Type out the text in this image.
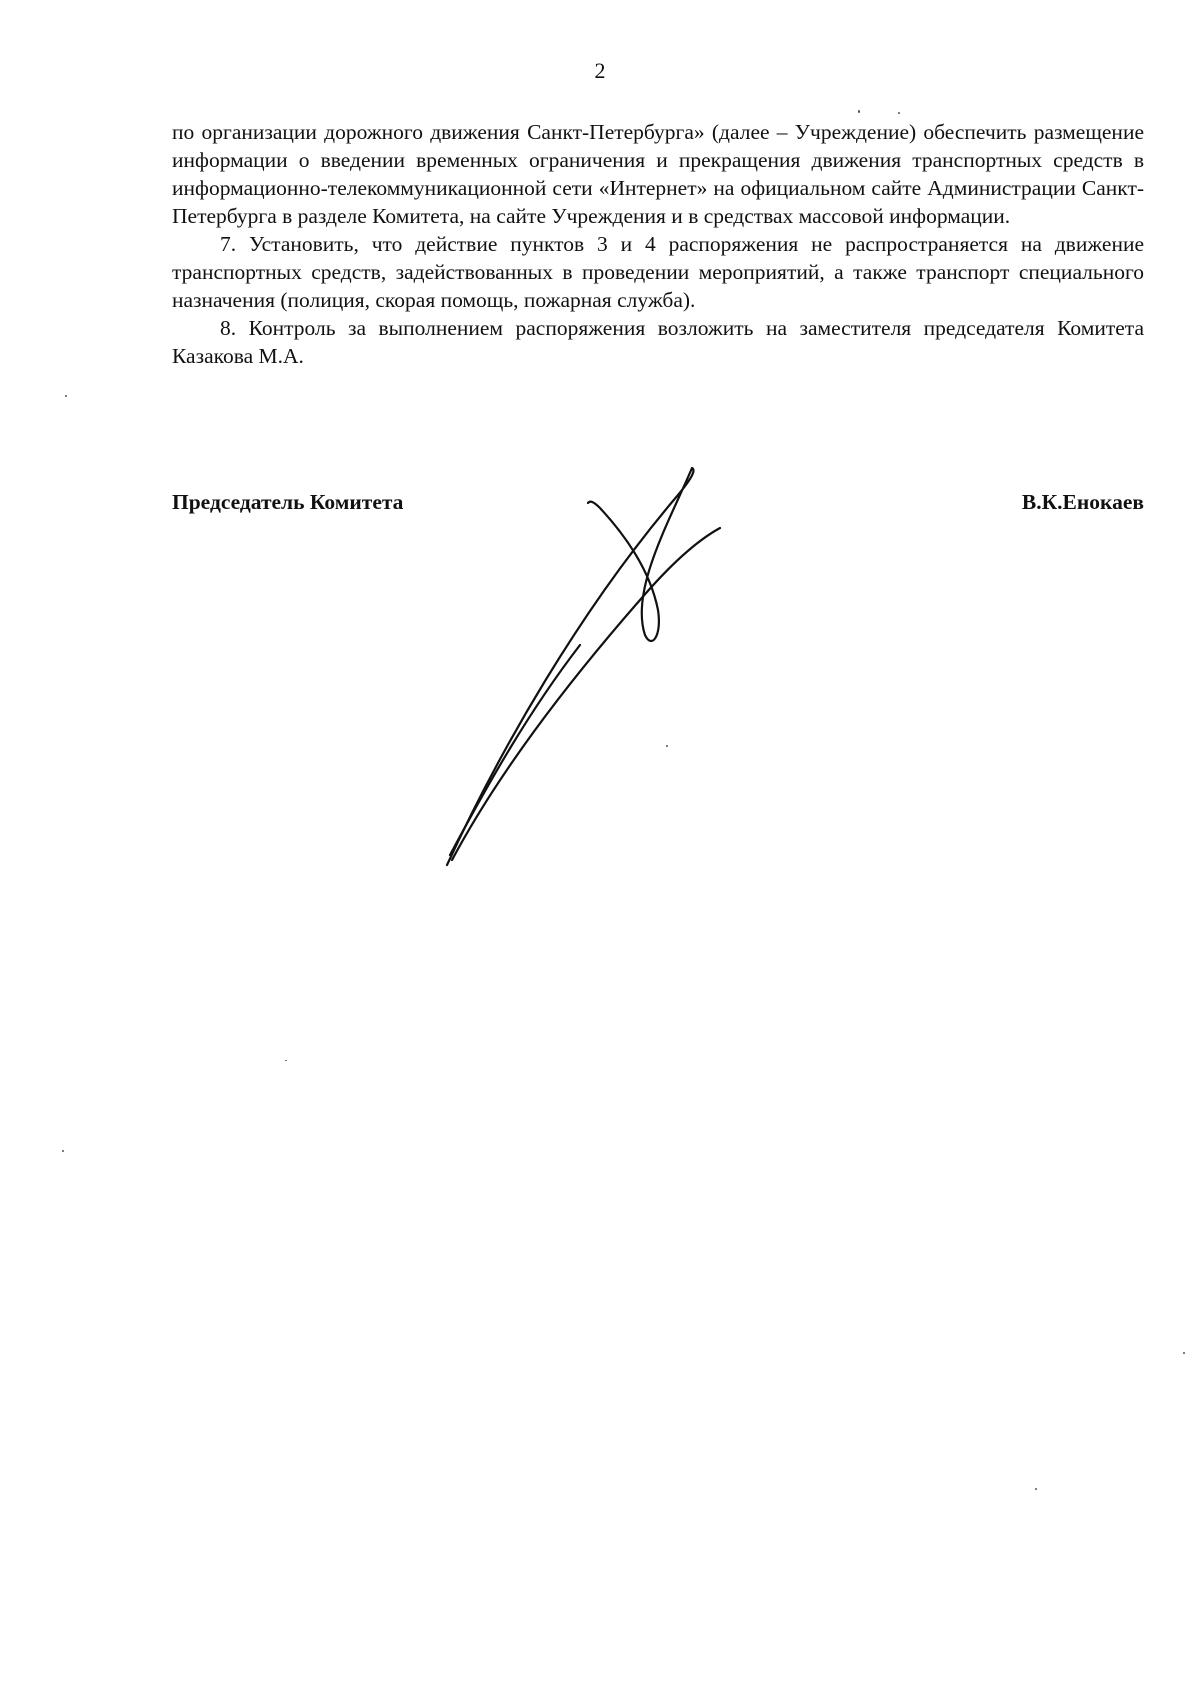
2

по организации дорожного движения Санкт-Петербурга» (далее – Учреждение) обеспечить размещение информации о введении временных ограничения и прекращения движения транспортных средств в информационно-телекоммуникационной сети «Интернет» на официальном сайте Администрации Санкт-Петербурга в разделе Комитета, на сайте Учреждения и в средствах массовой информации.

7. Установить, что действие пунктов 3 и 4 распоряжения не распространяется на движение транспортных средств, задействованных в проведении мероприятий, а также транспорт специального назначения (полиция, скорая помощь, пожарная служба).

8. Контроль за выполнением распоряжения возложить на заместителя председателя Комитета Казакова М.А.

Председатель Комитета	В.К.Енокаев
